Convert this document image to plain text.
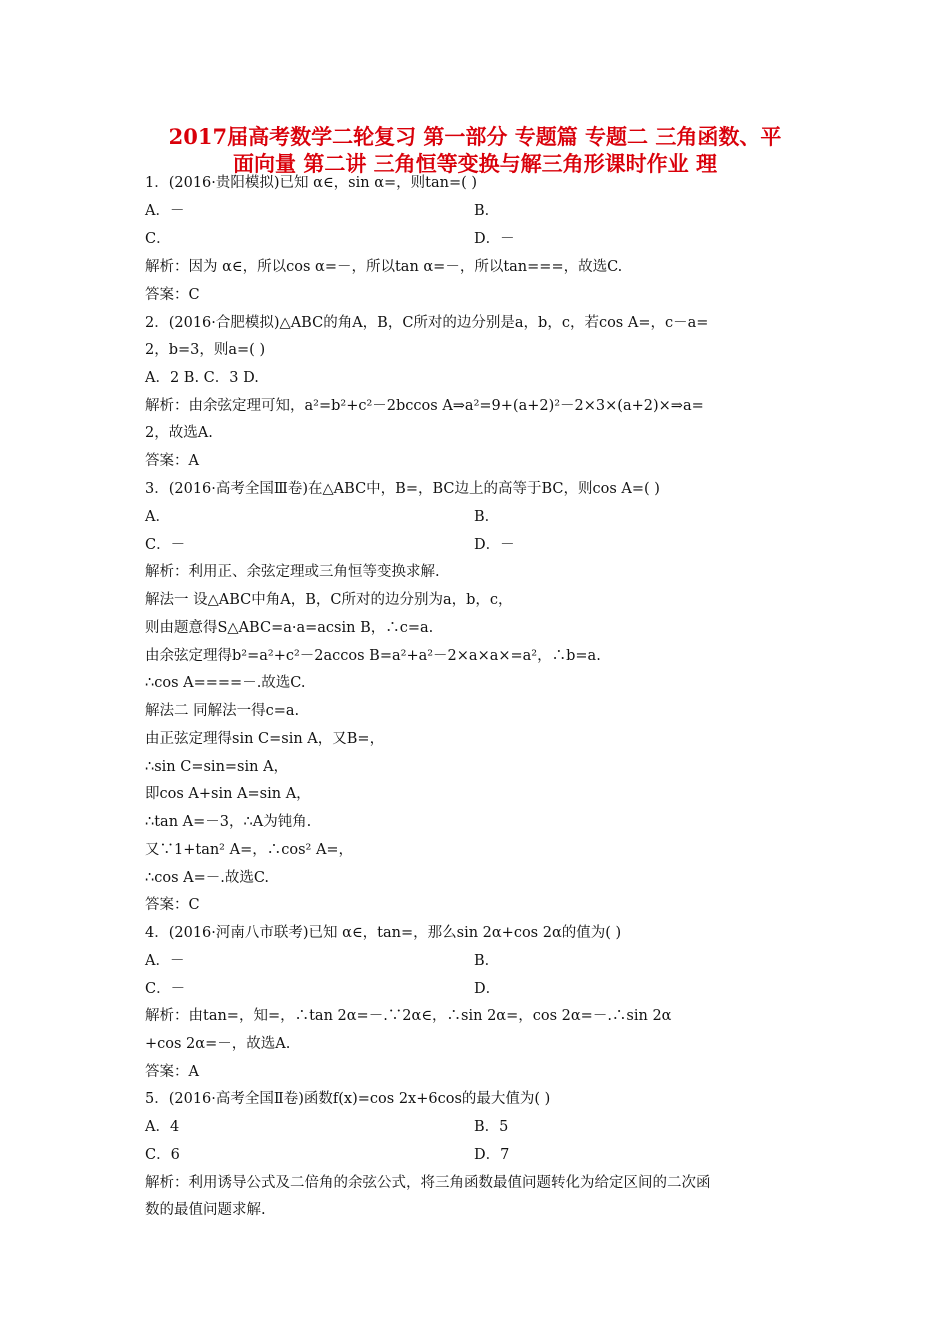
2017届高考数学二轮复习 第一部分 专题篇 专题二 三角函数、平
面向量 第二讲 三角恒等变换与解三角形课时作业 理

1．(2016·贵阳模拟)已知 α∈，sin α=，则tan=( )

A．－	B．

C．	D．－

解析：因为 α∈，所以cos α=－，所以tan α=－，所以tan===，故选C.

答案：C

2．(2016·合肥模拟)△ABC的角A，B，C所对的边分别是a，b，c，若cos A=，c－a=

2，b=3，则a=( )

A．2 B. C．3 D.

解析：由余弦定理可知，a²=b²+c²－2bccos A⇒a²=9+(a+2)²－2×3×(a+2)×⇒a=

2，故选A.

答案：A

3．(2016·高考全国Ⅲ卷)在△ABC中，B=，BC边上的高等于BC，则cos A=( )

A．	B．

C．－	D．－

解析：利用正、余弦定理或三角恒等变换求解.

解法一 设△ABC中角A，B，C所对的边分别为a，b，c，

则由题意得S△ABC=a·a=acsin B，∴c=a.

由余弦定理得b²=a²+c²－2accos B=a²+a²－2×a×a×=a²，∴b=a.

∴cos A====－.故选C.

解法二 同解法一得c=a.

由正弦定理得sin C=sin A，又B=，

∴sin C=sin=sin A，

即cos A+sin A=sin A，

∴tan A=－3，∴A为钝角.

又∵1+tan² A=，∴cos² A=，

∴cos A=－.故选C.

答案：C

4．(2016·河南八市联考)已知 α∈，tan=，那么sin 2α+cos 2α的值为( )

A．－	B．

C．－	D．

解析：由tan=，知=，∴tan 2α=－.∵2α∈，∴sin 2α=，cos 2α=－.∴sin 2α

+cos 2α=－，故选A.

答案：A

5．(2016·高考全国Ⅱ卷)函数f(x)=cos 2x+6cos的最大值为( )

A．4	B．5

C．6	D．7

解析：利用诱导公式及二倍角的余弦公式，将三角函数最值问题转化为给定区间的二次函

数的最值问题求解.
